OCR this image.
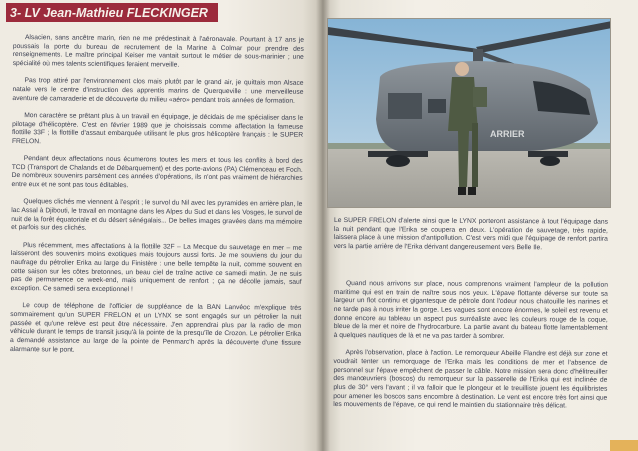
3- LV Jean-Mathieu FLECKINGER

Alsacien, sans ancêtre marin, rien ne me prédestinait à l'aéronavale. Pourtant à 17 ans je poussais la porte du bureau de recrutement de la Marine à Colmar pour prendre des renseignements. Le maître principal Keiser me vantait surtout le métier de sous-marinier ; une spécialité où mes talents scientifiques feraient merveille.

Pas trop attiré par l'environnement clos mais plutôt par le grand air, je quittais mon Alsace natale vers le centre d'instruction des apprentis marins de Querqueville : une merveilleuse aventure de camaraderie et de découverte du milieu «aéro» pendant trois années de formation.

Mon caractère se prêtant plus à un travail en équipage, je décidais de me spécialiser dans le pilotage d'hélicoptère. C'est en février 1989 que je choisissais comme affectation la fameuse flottille 33F ; la flottille d'assaut embarquée utilisant le plus gros hélicoptère français : le SUPER FRELON.

Pendant deux affectations nous écumerons toutes les mers et tous les conflits à bord des TCD (Transport de Chalands et de Débarquement) et des porte-avions (PA) Clémenceau et Foch. De nombreux souvenirs parsèment ces années d'opérations, ils n'ont pas vraiment de hiérarchies entre eux et ne sont pas tous éditables.

Quelques clichés me viennent à l'esprit ; le survol du Nil avec les pyramides en arrière plan, le lac Assal à Djibouti, le travail en montagne dans les Alpes du Sud et dans les Vosges, le survol de nuit de la forêt équatoriale et du désert sénégalais... De belles images gravées dans ma mémoire et parfois sur des clichés.

Plus récemment, mes affectations à la flottille 32F – La Mecque du sauvetage en mer – me laisseront des souvenirs moins exotiques mais toujours aussi forts. Je me souviens du jour du naufrage du pétrolier Erika au large du Finistère : une belle tempête la nuit, comme souvent en cette saison sur les côtes bretonnes, un beau ciel de traîne active ce samedi matin. Je ne suis pas de permanence ce week-end, mais uniquement de renfort ; ça ne décolle jamais, sauf exception. Ce samedi sera exceptionnel !

Le coup de téléphone de l'officier de suppléance de la BAN Lanvéoc m'explique très sommairement qu'un SUPER FRELON et un LYNX se sont engagés sur un pétrolier la nuit passée et qu'une relève est peut être nécessaire. J'en apprendrai plus par la radio de mon véhicule durant le temps de transit jusqu'à la pointe de la presqu'île de Crozon. Le pétrolier Erika a demandé assistance au large de la pointe de Penmarc'h après la découverte d'une fissure alarmante sur le pont.

ARRIER
Le SUPER FRELON d'alerte ainsi que le LYNX porteront assistance à tout l'équipage dans la nuit pendant que l'Erika se coupera en deux. L'opération de sauvetage, très rapide, laissera place à une mission d'antipollution. C'est vers midi que l'équipage de renfort partira vers la partie arrière de l'Erika dérivant dangereusement vers Belle Ile.

Quand nous arrivons sur place, nous comprenons vraiment l'ampleur de la pollution maritime qui est en train de naître sous nos yeux. L'épave flottante déverse sur toute sa largeur un flot continu et gigantesque de pétrole dont l'odeur nous chatouille les narines et ne tarde pas à nous irriter la gorge. Les vagues sont encore énormes, le soleil est revenu et donne encore au tableau un aspect pus surréaliste avec les couleurs rouge de la coque, bleue de la mer et noire de l'hydrocarbure. La partie avant du bateau flotte lamentablement à quelques nautiques de là et ne va pas tarder à sombrer.

Après l'observation, place à l'action. Le remorqueur Abeille Flandre est déjà sur zone et voudrait tenter un remorquage de l'Erika mais les conditions de mer et l'absence de personnel sur l'épave empêchent de passer le câble. Notre mission sera donc d'hélitreuiller des manœuvriers (boscos) du remorqueur sur la passerelle de l'Erika qui est inclinée de plus de 30° vers l'avant ; il va falloir que le plongeur et le treuilliste jouent les équilibristes pour amener les boscos sans encombre à destination. Le vent est encore très fort ainsi que les mouvements de l'épave, ce qui rend le maintien du stationnaire très délicat.
